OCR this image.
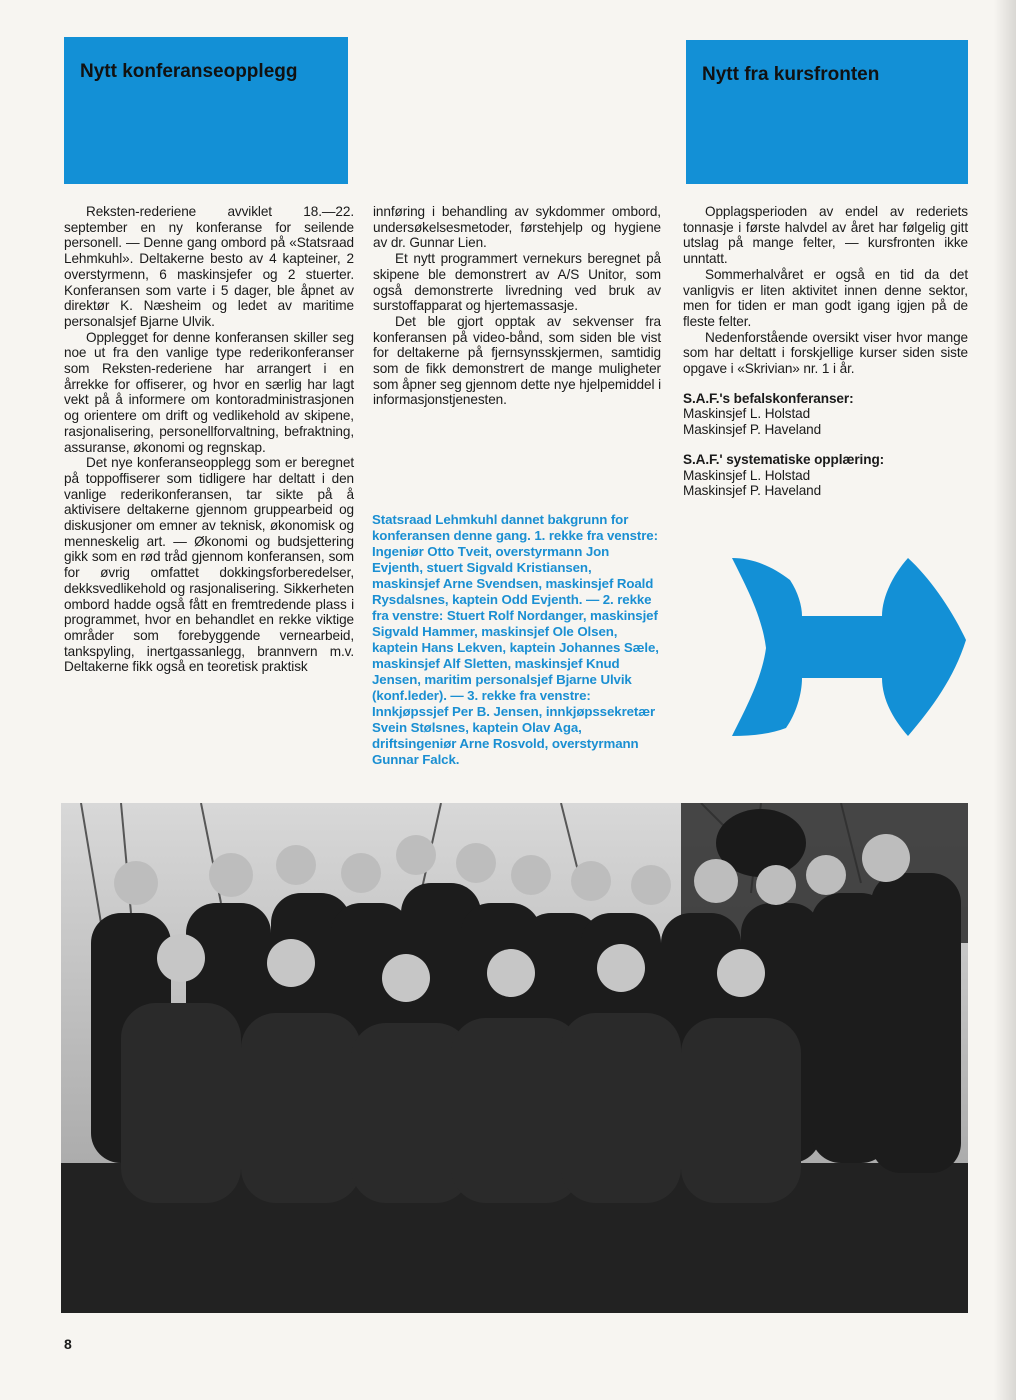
Nytt konferanseopplegg	Nytt fra kursfronten

Reksten-rederiene avviklet 18.—22. september en ny konferanse for seilende personell. — Denne gang ombord på «Statsraad Lehmkuhl». Deltakerne besto av 4 kapteiner, 2 overstyrmenn, 6 maskinsjefer og 2 stuerter. Konferansen som varte i 5 dager, ble åpnet av direktør K. Næsheim og ledet av maritime personalsjef Bjarne Ulvik.

Opplegget for denne konferansen skiller seg noe ut fra den vanlige type rederikonferanser som Reksten-rederiene har arrangert i en årrekke for offiserer, og hvor en særlig har lagt vekt på å informere om kontoradministrasjonen og orientere om drift og vedlikehold av skipene, rasjonalisering, personellforvaltning, befraktning, assuranse, økonomi og regnskap.

Det nye konferanseopplegg som er beregnet på toppoffiserer som tidligere har deltatt i den vanlige rederikonferansen, tar sikte på å aktivisere deltakerne gjennom gruppearbeid og diskusjoner om emner av teknisk, økonomisk og menneskelig art. — Økonomi og budsjettering gikk som en rød tråd gjennom konferansen, som for øvrig omfattet dokkingsforberedelser, dekksvedlikehold og rasjonalisering. Sikkerheten ombord hadde også fått en fremtredende plass i programmet, hvor en behandlet en rekke viktige områder som forebyggende vernearbeid, tankspyling, inertgassanlegg, brannvern m.v. Deltakerne fikk også en teoretisk praktisk

innføring i behandling av sykdommer ombord, undersøkelsesmetoder, førstehjelp og hygiene av dr. Gunnar Lien.

Et nytt programmert vernekurs beregnet på skipene ble demonstrert av A/S Unitor, som også demonstrerte livredning ved bruk av surstoffapparat og hjertemassasje.

Det ble gjort opptak av sekvenser fra konferansen på video-bånd, som siden ble vist for deltakerne på fjernsynsskjermen, samtidig som de fikk demonstrert de mange muligheter som åpner seg gjennom dette nye hjelpemiddel i informasjonstjenesten.

Statsraad Lehmkuhl dannet bakgrunn for konferansen denne gang. 1. rekke fra venstre: Ingeniør Otto Tveit, overstyrmann Jon Evjenth, stuert Sigvald Kristiansen, maskinsjef Arne Svendsen, maskinsjef Roald Rysdalsnes, kaptein Odd Evjenth. — 2. rekke fra venstre: Stuert Rolf Nordanger, maskinsjef Sigvald Hammer, maskinsjef Ole Olsen, kaptein Hans Lekven, kaptein Johannes Sæle, maskinsjef Alf Sletten, maskinsjef Knud Jensen, maritim personalsjef Bjarne Ulvik (konf.leder). — 3. rekke fra venstre: Innkjøpssjef Per B. Jensen, innkjøpssekretær Svein Stølsnes, kaptein Olav Aga, driftsingeniør Arne Rosvold, overstyrmann Gunnar Falck.

Opplagsperioden av endel av rederiets tonnasje i første halvdel av året har følgelig gitt utslag på mange felter, — kursfronten ikke unntatt.

Sommerhalvåret er også en tid da det vanligvis er liten aktivitet innen denne sektor, men for tiden er man godt igang igjen på de fleste felter.

Nedenforstående oversikt viser hvor mange som har deltatt i forskjellige kurser siden siste opgave i «Skrivian» nr. 1 i år.

S.A.F.'s befalskonferanser:
Maskinsjef L. Holstad
Maskinsjef P. Haveland
S.A.F.' systematiske opplæring:
Maskinsjef L. Holstad
Maskinsjef P. Haveland
8
